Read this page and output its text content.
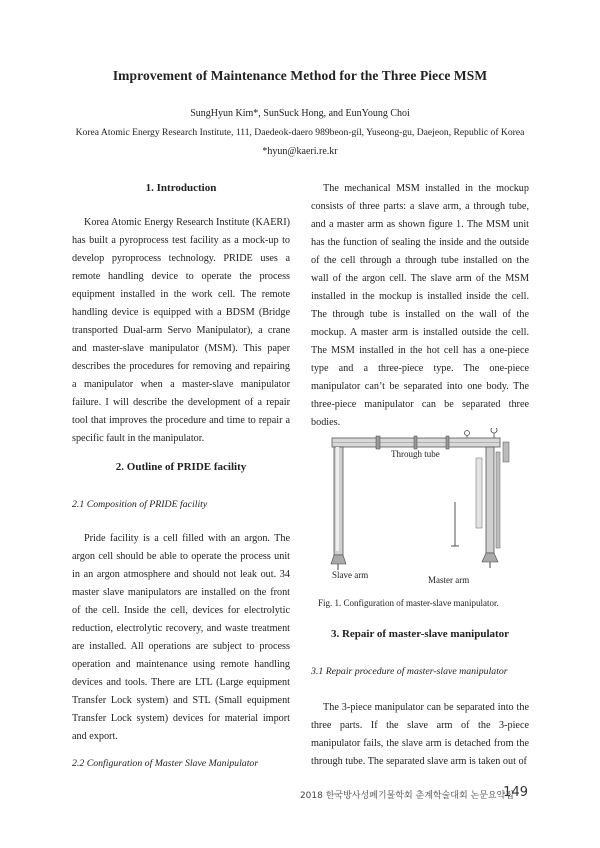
Improvement of Maintenance Method for the Three Piece MSM
SungHyun Kim*, SunSuck Hong, and EunYoung Choi
Korea Atomic Energy Research Institute, 111, Daedeok-daero 989beon-gil, Yuseong-gu, Daejeon, Republic of Korea
*hyun@kaeri.re.kr
1. Introduction

Korea Atomic Energy Research Institute (KAERI) has built a pyroprocess test facility as a mock-up to develop pyroprocess technology. PRIDE uses a remote handling device to operate the process equipment installed in the work cell. The remote handling device is equipped with a BDSM (Bridge transported Dual-arm Servo Manipulator), a crane and master-slave manipulator (MSM). This paper describes the procedures for removing and repairing a manipulator when a master-slave manipulator failure. I will describe the development of a repair tool that improves the procedure and time to repair a specific fault in the manipulator.

2. Outline of PRIDE facility
2.1 Composition of PRIDE facility

Pride facility is a cell filled with an argon. The argon cell should be able to operate the process unit in an argon atmosphere and should not leak out. 34 master slave manipulators are installed on the front of the cell. Inside the cell, devices for electrolytic reduction, electrolytic recovery, and waste treatment are installed. All operations are subject to process operation and maintenance using remote handling devices and tools. There are LTL (Large equipment Transfer Lock system) and STL (Small equipment Transfer Lock system) devices for material import and export.

2.2 Configuration of Master Slave Manipulator

The mechanical MSM installed in the mockup consists of three parts: a slave arm, a through tube, and a master arm as shown figure 1. The MSM unit has the function of sealing the inside and the outside of the cell through a through tube installed on the wall of the argon cell. The slave arm of the MSM installed in the mockup is installed inside the cell. The through tube is installed on the wall of the mockup. A master arm is installed outside the cell. The MSM installed in the hot cell has a one-piece type and a three-piece type. The one-piece manipulator can’t be separated into one body. The three-piece manipulator can be separated three bodies.

Through tube
Slave arm	Master arm
Fig. 1. Configuration of master-slave manipulator.
3. Repair of master-slave manipulator
3.1 Repair procedure of master-slave manipulator

The 3-piece manipulator can be separated into the three parts. If the slave arm of the 3-piece manipulator fails, the slave arm is detached from the through tube. The separated slave arm is taken out of

2018 한국방사성폐기물학회 춘계학술대회 논문요약집
149
